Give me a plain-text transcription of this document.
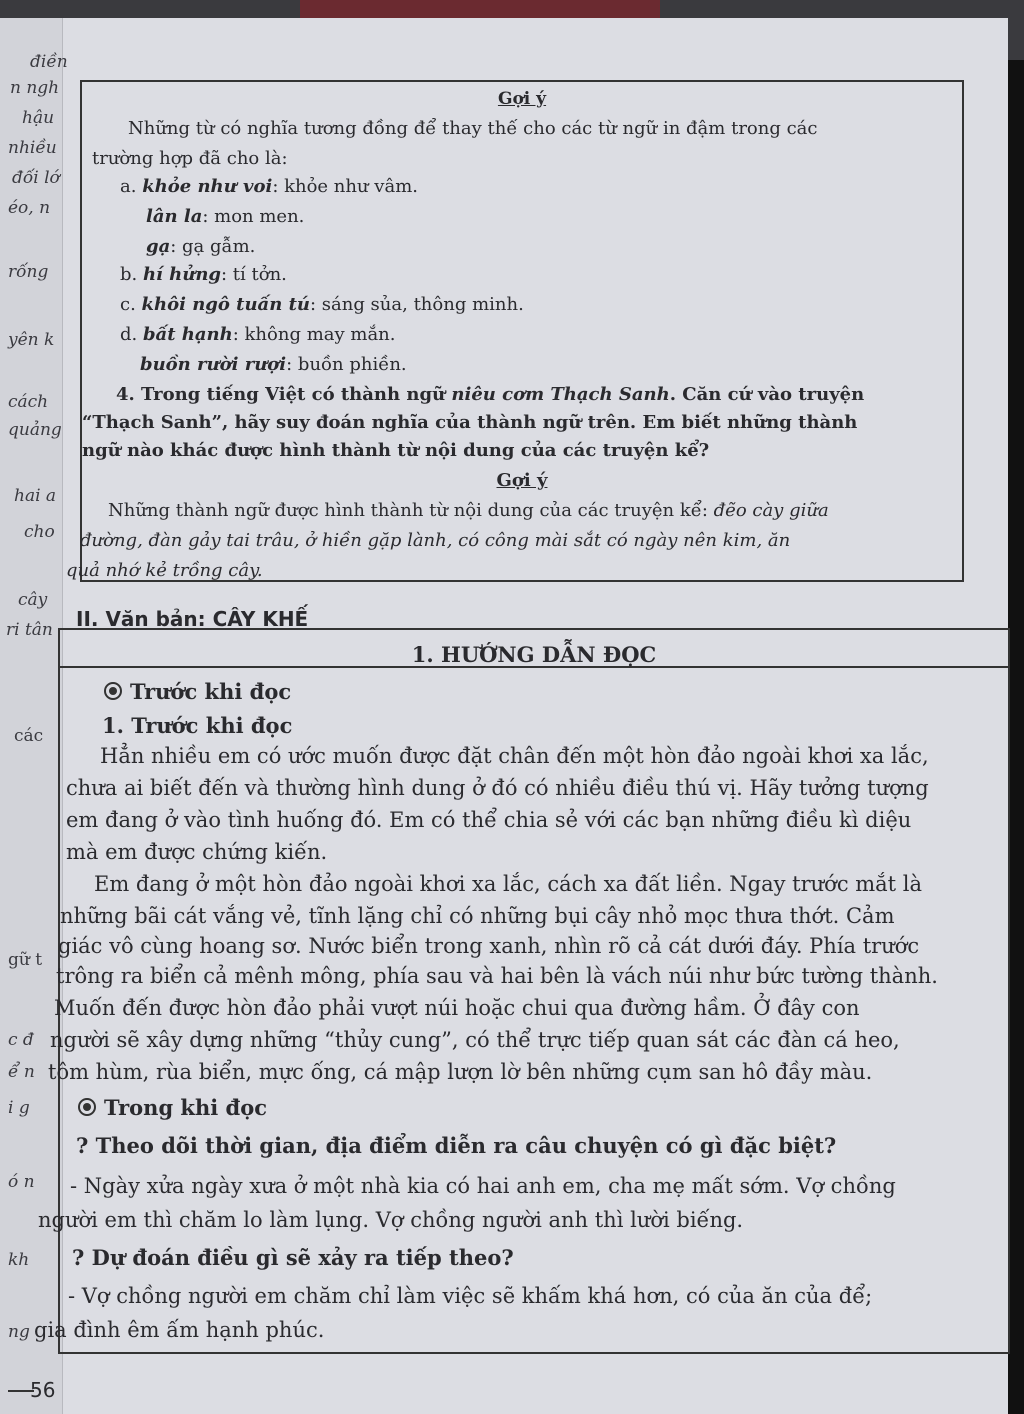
điền
n ngh
hậu
nhiều
đối lớ
éo, n
rống
yên k
cách
quảng
hai a
cho
cây
ri tân
các
gữ t
c đ
ể n
i g
ó n
kh
ng
Gợi ý
Những từ có nghĩa tương đồng để thay thế cho các từ ngữ in đậm trong các
trường hợp đã cho là:
a. khỏe như voi: khỏe như vâm.
lân la: mon men.
gạ: gạ gẫm.
b. hí hửng: tí tởn.
c. khôi ngô tuấn tú: sáng sủa, thông minh.
d. bất hạnh: không may mắn.
buồn rười rượi: buồn phiền.
4. Trong tiếng Việt có thành ngữ niêu cơm Thạch Sanh. Căn cứ vào truyện
“Thạch Sanh”, hãy suy đoán nghĩa của thành ngữ trên. Em biết những thành
ngữ nào khác được hình thành từ nội dung của các truyện kể?
Gợi ý
Những thành ngữ được hình thành từ nội dung của các truyện kể: đẽo cày giữa
đường, đàn gảy tai trâu, ở hiền gặp lành, có công mài sắt có ngày nên kim, ăn
quả nhớ kẻ trồng cây.
II. Văn bản: CÂY KHẾ
1. HƯỚNG DẪN ĐỌC
Trước khi đọc
1. Trước khi đọc
Hẳn nhiều em có ước muốn được đặt chân đến một hòn đảo ngoài khơi xa lắc,
chưa ai biết đến và thường hình dung ở đó có nhiều điều thú vị. Hãy tưởng tượng
em đang ở vào tình huống đó. Em có thể chia sẻ với các bạn những điều kì diệu
mà em được chứng kiến.
Em đang ở một hòn đảo ngoài khơi xa lắc, cách xa đất liền. Ngay trước mắt là
những bãi cát vắng vẻ, tĩnh lặng chỉ có những bụi cây nhỏ mọc thưa thớt. Cảm
giác vô cùng hoang sơ. Nước biển trong xanh, nhìn rõ cả cát dưới đáy. Phía trước
trông ra biển cả mênh mông, phía sau và hai bên là vách núi như bức tường thành.
Muốn đến được hòn đảo phải vượt núi hoặc chui qua đường hầm. Ở đây con
người sẽ xây dựng những “thủy cung”, có thể trực tiếp quan sát các đàn cá heo,
tôm hùm, rùa biển, mực ống, cá mập lượn lờ bên những cụm san hô đầy màu.
Trong khi đọc
? Theo dõi thời gian, địa điểm diễn ra câu chuyện có gì đặc biệt?
- Ngày xửa ngày xưa ở một nhà kia có hai anh em, cha mẹ mất sớm. Vợ chồng
người em thì chăm lo làm lụng. Vợ chồng người anh thì lười biếng.
? Dự đoán điều gì sẽ xảy ra tiếp theo?
- Vợ chồng người em chăm chỉ làm việc sẽ khấm khá hơn, có của ăn của để;
gia đình êm ấm hạnh phúc.
56
